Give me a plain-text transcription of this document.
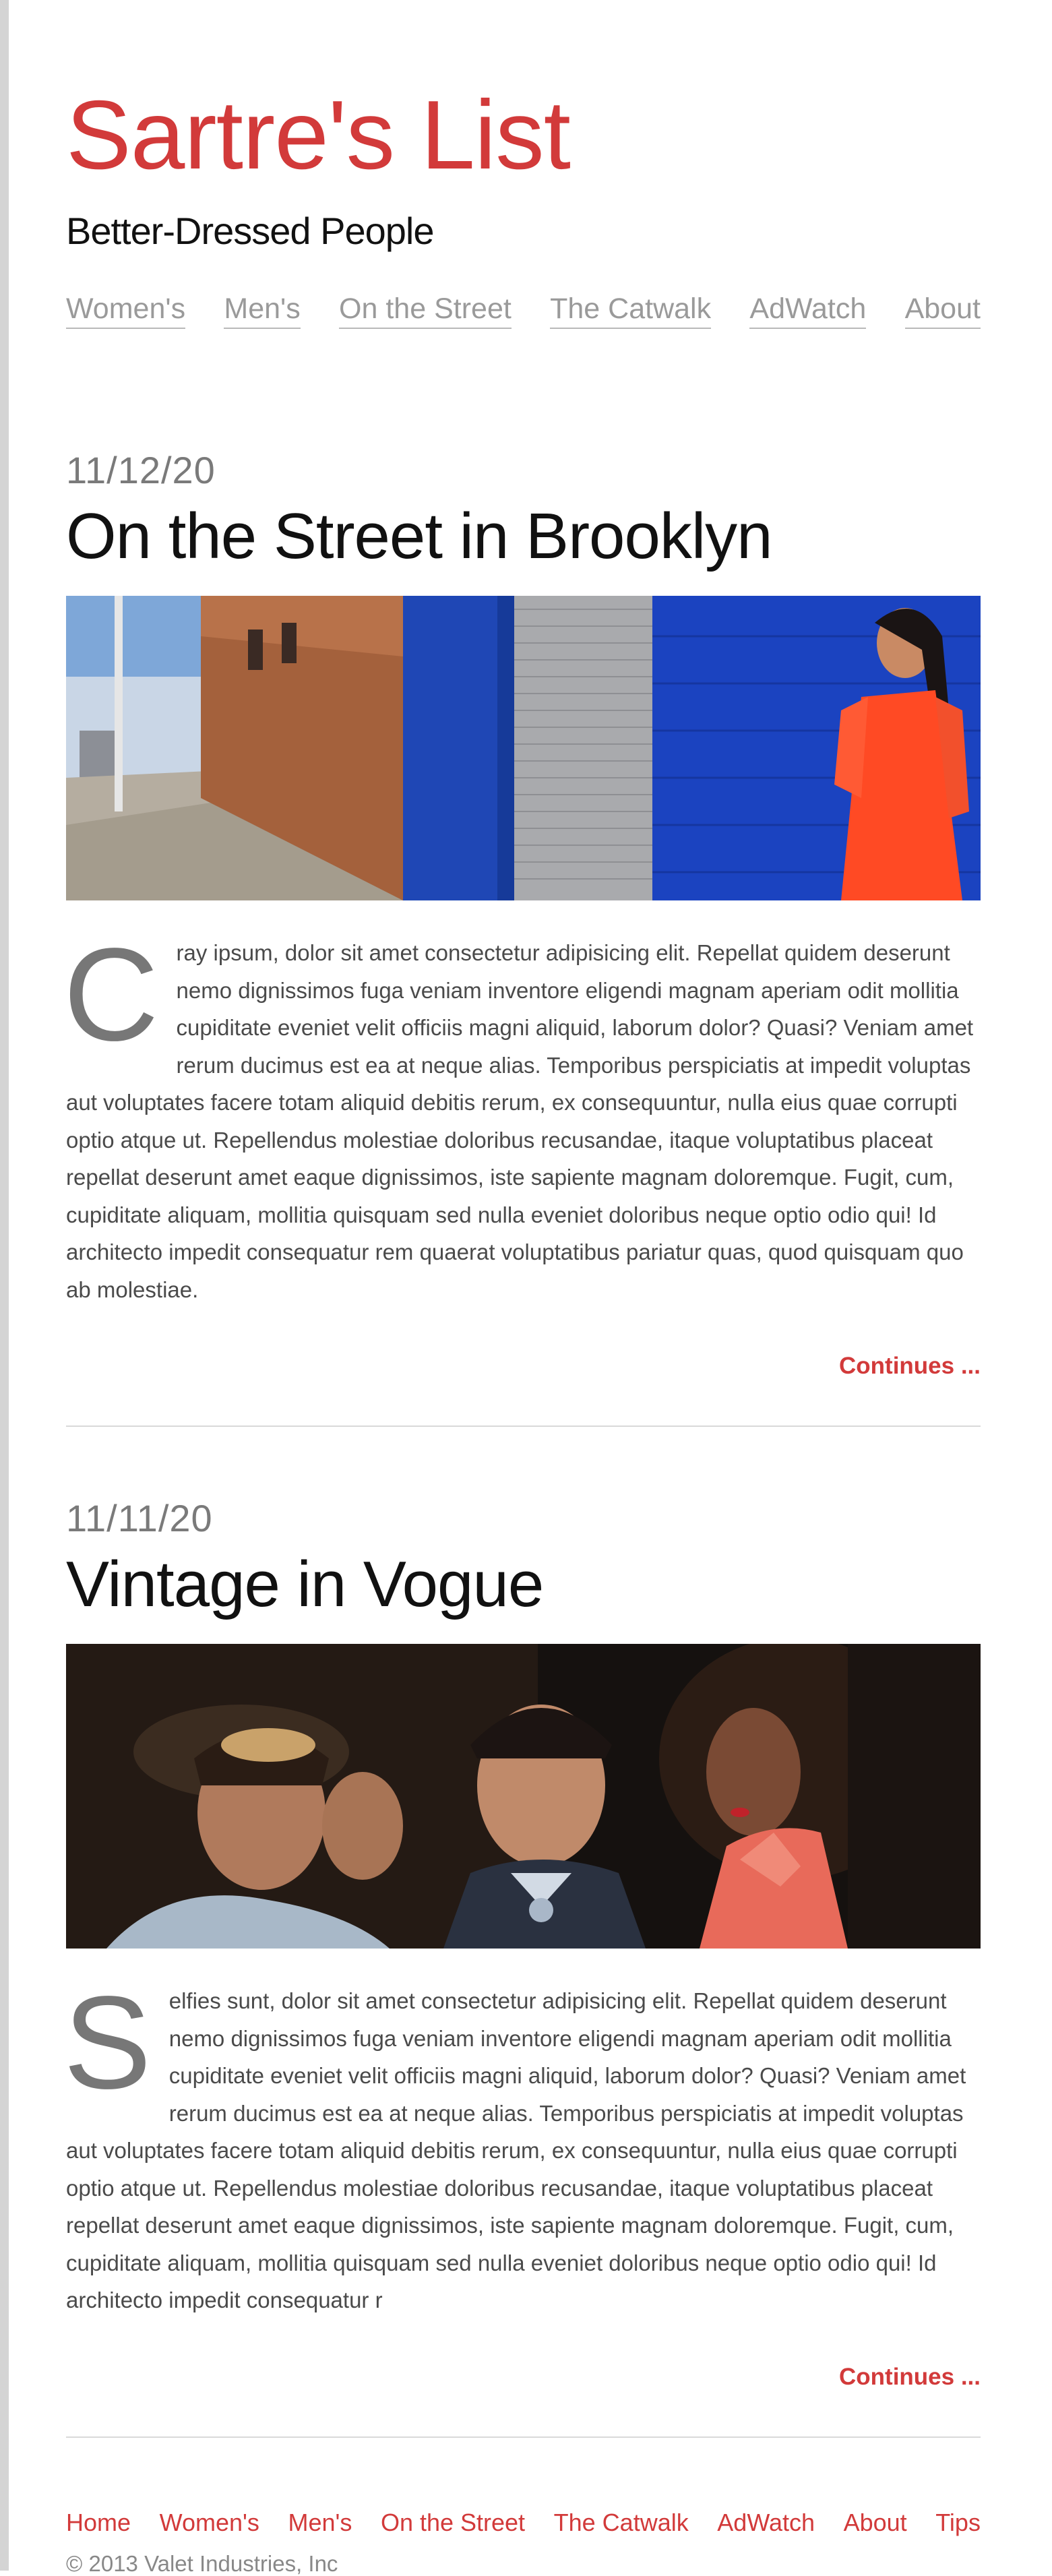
Sartre's List

Better-Dressed People

Women's Men's On the Street The Catwalk AdWatch About
11/12/20
On the Street in Brooklyn
C ray ipsum, dolor sit amet consectetur adipisicing elit. Repellat quidem deserunt nemo dignissimos fuga veniam inventore eligendi magnam aperiam odit mollitia cupiditate eveniet velit officiis magni aliquid, laborum dolor? Quasi? Veniam amet rerum ducimus est ea at neque alias. Temporibus perspiciatis at impedit voluptas aut voluptates facere totam aliquid debitis rerum, ex consequuntur, nulla eius quae corrupti optio atque ut. Repellendus molestiae doloribus recusandae, itaque voluptatibus placeat repellat deserunt amet eaque dignissimos, iste sapiente magnam doloremque. Fugit, cum, cupiditate aliquam, mollitia quisquam sed nulla eveniet doloribus neque optio odio qui! Id architecto impedit consequatur rem quaerat voluptatibus pariatur quas, quod quisquam quo ab molestiae.
Continues ...
11/11/20
Vintage in Vogue
S elfies sunt, dolor sit amet consectetur adipisicing elit. Repellat quidem deserunt nemo dignissimos fuga veniam inventore eligendi magnam aperiam odit mollitia cupiditate eveniet velit officiis magni aliquid, laborum dolor? Quasi? Veniam amet rerum ducimus est ea at neque alias. Temporibus perspiciatis at impedit voluptas aut voluptates facere totam aliquid debitis rerum, ex consequuntur, nulla eius quae corrupti optio atque ut. Repellendus molestiae doloribus recusandae, itaque voluptatibus placeat repellat deserunt amet eaque dignissimos, iste sapiente magnam doloremque. Fugit, cum, cupiditate aliquam, mollitia quisquam sed nulla eveniet doloribus neque optio odio qui! Id architecto impedit consequatur r
Continues ...
Home Women's Men's On the Street The Catwalk AdWatch About Tips
© 2013 Valet Industries, Inc
